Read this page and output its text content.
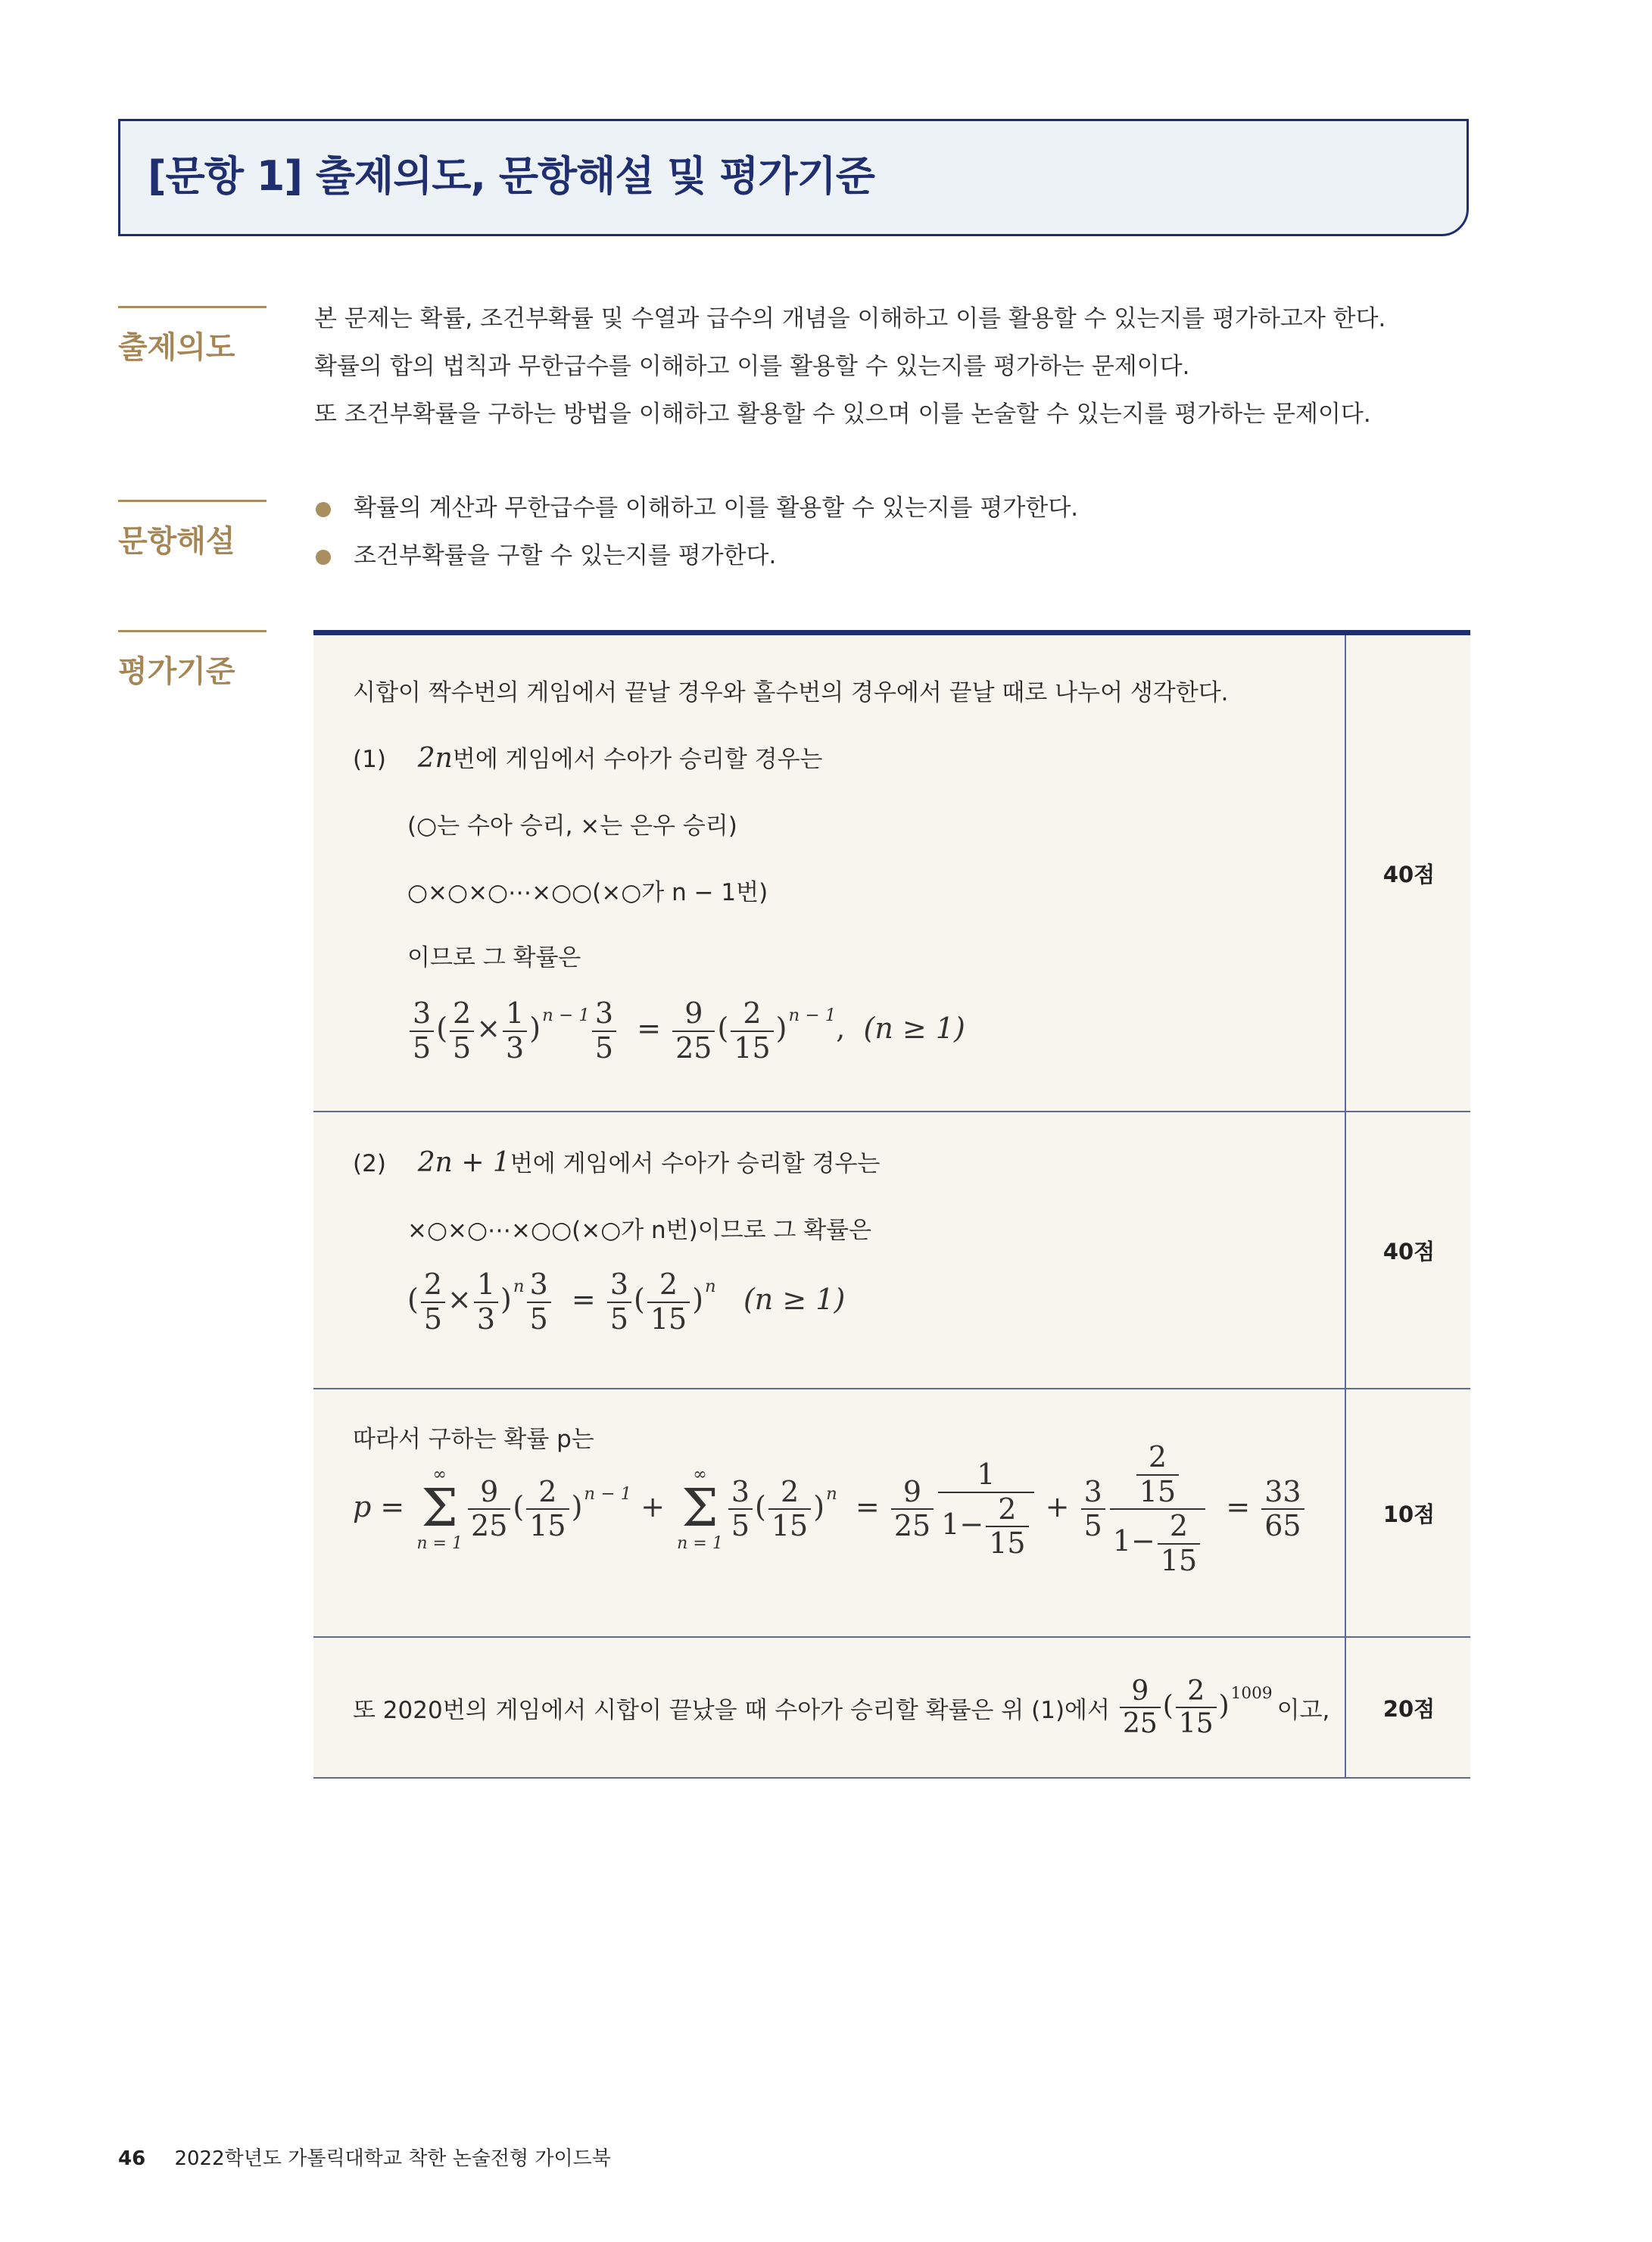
[문항 1] 출제의도, 문항해설 및 평가기준
출제의도

본 문제는 확률, 조건부확률 및 수열과 급수의 개념을 이해하고 이를 활용할 수 있는지를 평가하고자 한다.
확률의 합의 법칙과 무한급수를 이해하고 이를 활용할 수 있는지를 평가하는 문제이다.
또 조건부확률을 구하는 방법을 이해하고 활용할 수 있으며 이를 논술할 수 있는지를 평가하는 문제이다.

문항해설
확률의 계산과 무한급수를 이해하고 이를 활용할 수 있는지를 평가한다.
조건부확률을 구할 수 있는지를 평가한다.
평가기준
시합이 짝수번의 게임에서 끝날 경우와 홀수번의 경우에서 끝날 때로 나누어 생각한다.
(1) 2n번에 게임에서 수아가 승리할 경우는
(○는 수아 승리, ×는 은우 승리)
○×○×○⋯×○○(×○가 n − 1번)
이므로 그 확률은
$\frac{3}{5}$ ( $\frac{2}{5} \times \frac{1}{3} )^{n - 1} \frac{3}{5} = \frac{9}{25}$ ( $\frac{2}{15} )^{n - 1}$,  (n ≥ 1)
40점
(2) 2n + 1번에 게임에서 수아가 승리할 경우는
×○×○⋯×○○(×○가 n번)이므로 그 확률은
( $\frac{2}{5} \times \frac{1}{3} )^n \frac{3}{5} = \frac{3}{5}$ ( $\frac{2}{15} )^n$ (n ≥ 1)
40점
따라서 구하는 확률 p는
p =
∞
Σ
n = 1
$\frac{9}{25}$ ( $\frac{2}{15} )^{n - 1}$ +
∞
Σ
n = 1
$\frac{3}{5}$ ( $\frac{2}{15} )^n = \frac{9}{25} \frac{1}{1- \frac{2}{15}} + \frac{3}{5} \frac{\frac{2}{15}}{1- \frac{2}{15}} = \frac{33}{65}$	10점
또 2020번의 게임에서 시합이 끝났을 때 수아가 승리할 확률은 위 (1)에서 $\frac{9}{25}$ ( $\frac{2}{15} )^{1009}$
이고,	20점
46 2022학년도 가톨릭대학교 착한 논술전형 가이드북
